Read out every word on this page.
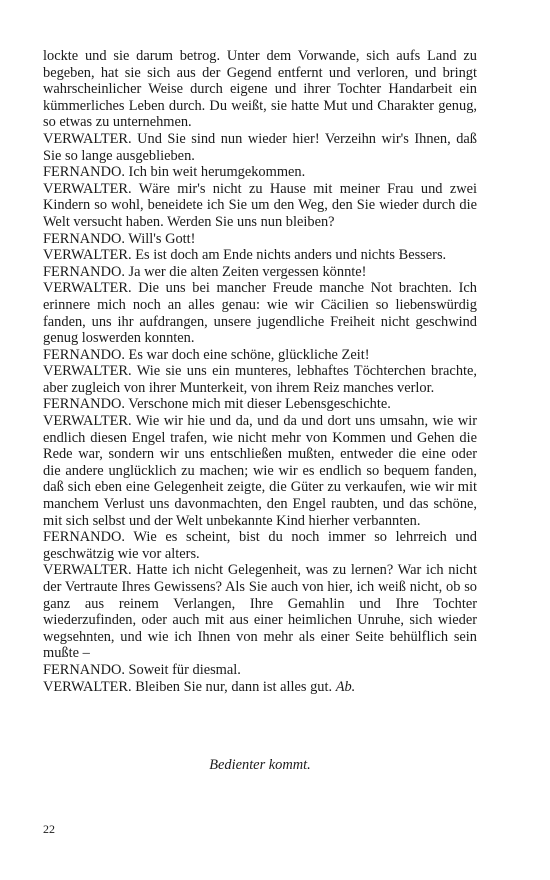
lockte und sie darum betrog. Unter dem Vorwande, sich aufs Land zu begeben, hat sie sich aus der Gegend entfernt und verloren, und bringt wahrscheinlicher Weise durch eigene und ihrer Tochter Handarbeit ein kümmerliches Leben durch. Du weißt, sie hatte Mut und Charakter genug, so etwas zu unternehmen.

VERWALTER. Und Sie sind nun wieder hier! Verzeihn wir's Ihnen, daß Sie so lange ausgeblieben.

FERNANDO. Ich bin weit herumgekommen.

VERWALTER. Wäre mir's nicht zu Hause mit meiner Frau und zwei Kindern so wohl, beneidete ich Sie um den Weg, den Sie wieder durch die Welt versucht haben. Werden Sie uns nun bleiben?

FERNANDO. Will's Gott!

VERWALTER. Es ist doch am Ende nichts anders und nichts Bessers.

FERNANDO. Ja wer die alten Zeiten vergessen könnte!

VERWALTER. Die uns bei mancher Freude manche Not brachten. Ich erinnere mich noch an alles genau: wie wir Cäcilien so liebenswürdig fanden, uns ihr aufdrangen, unsere jugendliche Freiheit nicht geschwind genug loswerden konnten.

FERNANDO. Es war doch eine schöne, glückliche Zeit!

VERWALTER. Wie sie uns ein munteres, lebhaftes Töchterchen brachte, aber zugleich von ihrer Munterkeit, von ihrem Reiz manches verlor.

FERNANDO. Verschone mich mit dieser Lebensgeschichte.

VERWALTER. Wie wir hie und da, und da und dort uns umsahn, wie wir endlich diesen Engel trafen, wie nicht mehr von Kommen und Gehen die Rede war, sondern wir uns entschließen mußten, entweder die eine oder die andere unglücklich zu machen; wie wir es endlich so bequem fanden, daß sich eben eine Gelegenheit zeigte, die Güter zu verkaufen, wie wir mit manchem Verlust uns davonmachten, den Engel raubten, und das schöne, mit sich selbst und der Welt unbekannte Kind hierher verbannten.

FERNANDO. Wie es scheint, bist du noch immer so lehrreich und geschwätzig wie vor alters.

VERWALTER. Hatte ich nicht Gelegenheit, was zu lernen? War ich nicht der Vertraute Ihres Gewissens? Als Sie auch von hier, ich weiß nicht, ob so ganz aus reinem Verlangen, Ihre Gemahlin und Ihre Tochter wiederzufinden, oder auch mit aus einer heimlichen Unruhe, sich wieder wegsehnten, und wie ich Ihnen von mehr als einer Seite behülflich sein mußte –

FERNANDO. Soweit für diesmal.

VERWALTER. Bleiben Sie nur, dann ist alles gut. Ab.

Bedienter kommt.
22
